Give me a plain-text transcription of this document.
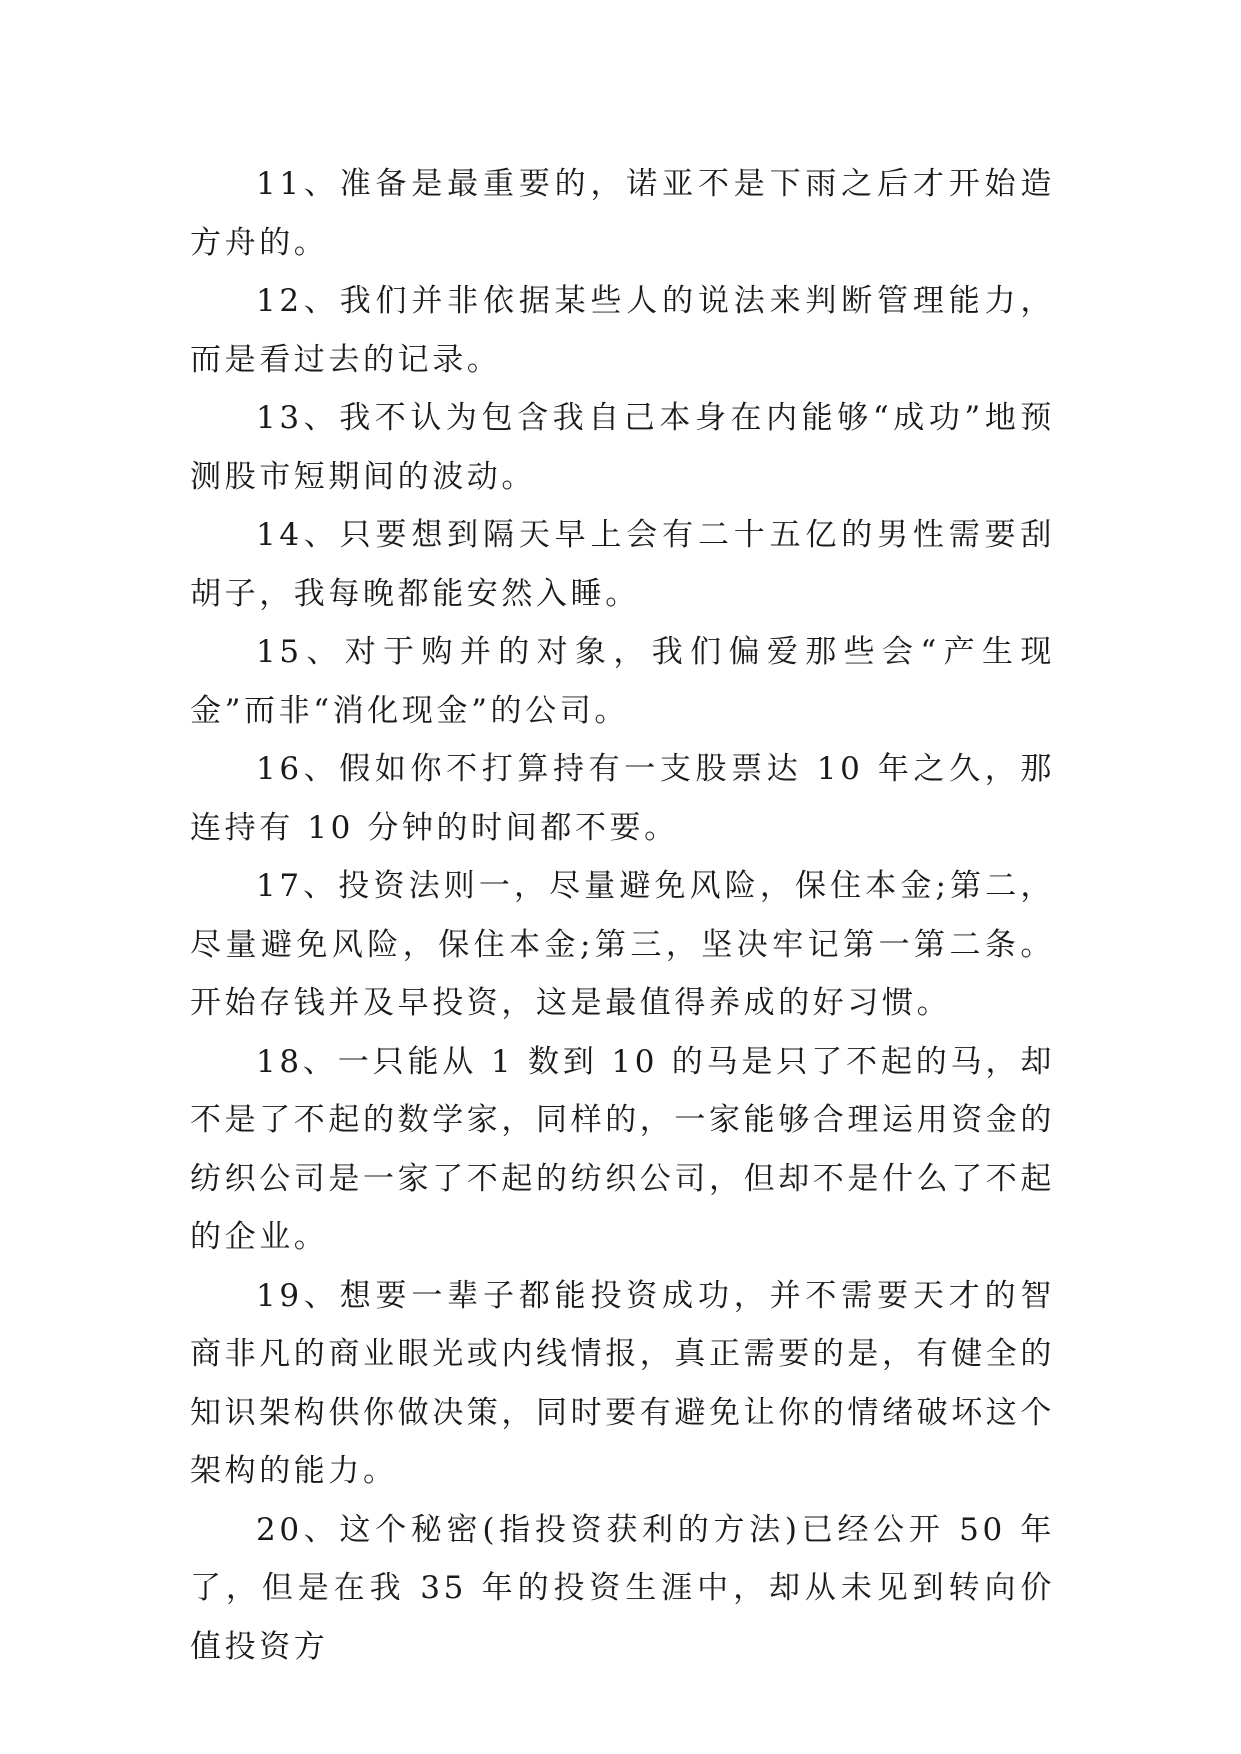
11、准备是最重要的，诺亚不是下雨之后才开始造方舟的。

12、我们并非依据某些人的说法来判断管理能力，而是看过去的记录。

13、我不认为包含我自己本身在内能够“成功”地预测股市短期间的波动。

14、只要想到隔天早上会有二十五亿的男性需要刮胡子，我每晚都能安然入睡。

15、对于购并的对象，我们偏爱那些会“产生现金”而非“消化现金”的公司。

16、假如你不打算持有一支股票达 10 年之久，那连持有 10 分钟的时间都不要。

17、投资法则一，尽量避免风险，保住本金;第二，尽量避免风险，保住本金;第三，坚决牢记第一第二条。开始存钱并及早投资，这是最值得养成的好习惯。

18、一只能从 1 数到 10 的马是只了不起的马，却不是了不起的数学家，同样的，一家能够合理运用资金的纺织公司是一家了不起的纺织公司，但却不是什么了不起的企业。

19、想要一辈子都能投资成功，并不需要天才的智商非凡的商业眼光或内线情报，真正需要的是，有健全的知识架构供你做决策，同时要有避免让你的情绪破坏这个架构的能力。

20、这个秘密(指投资获利的方法)已经公开 50 年了，但是在我 35 年的投资生涯中，却从未见到转向价值投资方
